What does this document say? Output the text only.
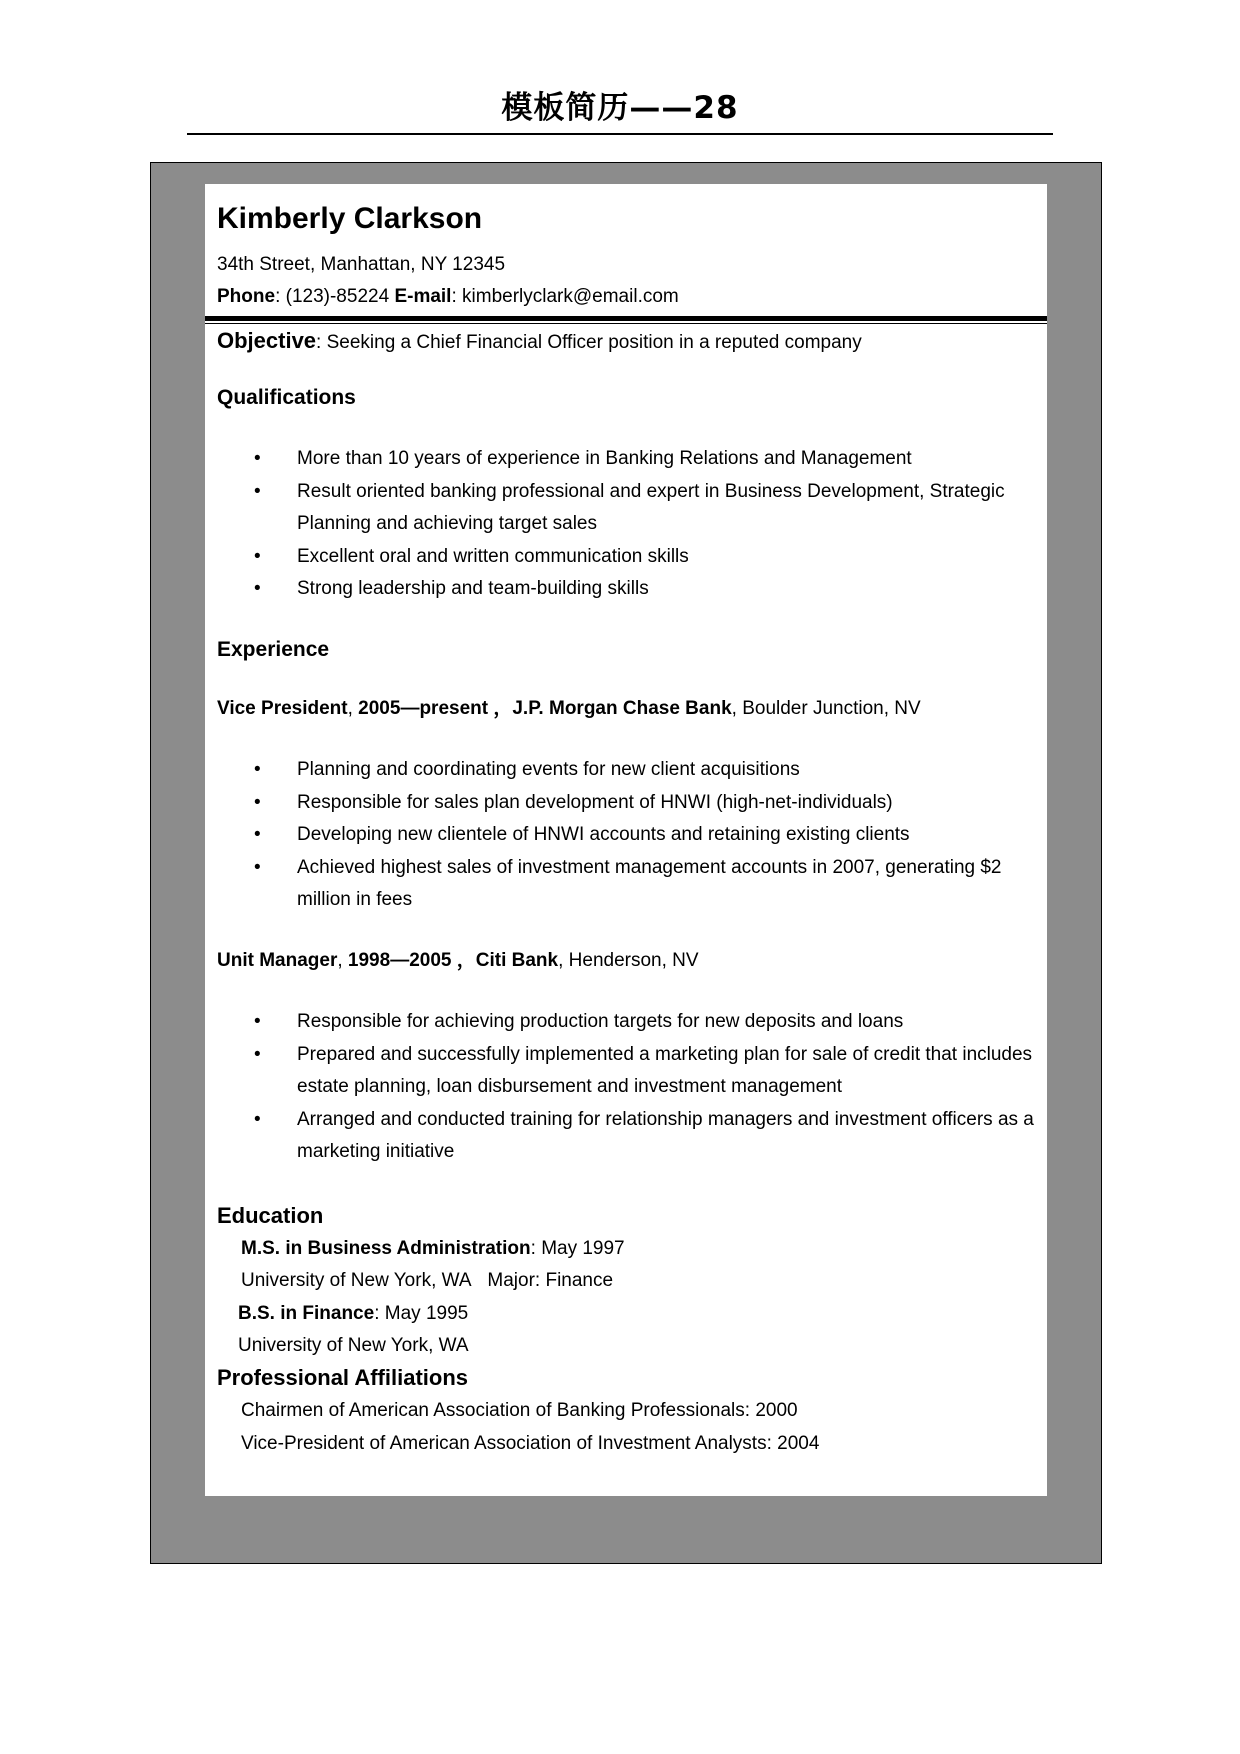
模板简历——28
Kimberly Clarkson
34th Street, Manhattan, NY 12345
Phone: (123)-85224 E-mail: kimberlyclark@email.com
Objective: Seeking a Chief Financial Officer position in a reputed company
Qualifications
• More than 10 years of experience in Banking Relations and Management
• Result oriented banking professional and expert in Business Development, Strategic Planning and achieving target sales
• Excellent oral and written communication skills
• Strong leadership and team-building skills
Experience
Vice President, 2005—present ，J.P. Morgan Chase Bank, Boulder Junction, NV
• Planning and coordinating events for new client acquisitions
• Responsible for sales plan development of HNWI (high-net-individuals)
• Developing new clientele of HNWI accounts and retaining existing clients
• Achieved highest sales of investment management accounts in 2007, generating $2 million in fees
Unit Manager, 1998—2005 ，Citi Bank, Henderson, NV
• Responsible for achieving production targets for new deposits and loans
• Prepared and successfully implemented a marketing plan for sale of credit that includes estate planning, loan disbursement and investment management
• Arranged and conducted training for relationship managers and investment officers as a marketing initiative
Education
M.S. in Business Administration: May 1997
University of New York, WA Major: Finance
B.S. in Finance: May 1995
University of New York, WA
Professional Affiliations
Chairmen of American Association of Banking Professionals: 2000
Vice-President of American Association of Investment Analysts: 2004
